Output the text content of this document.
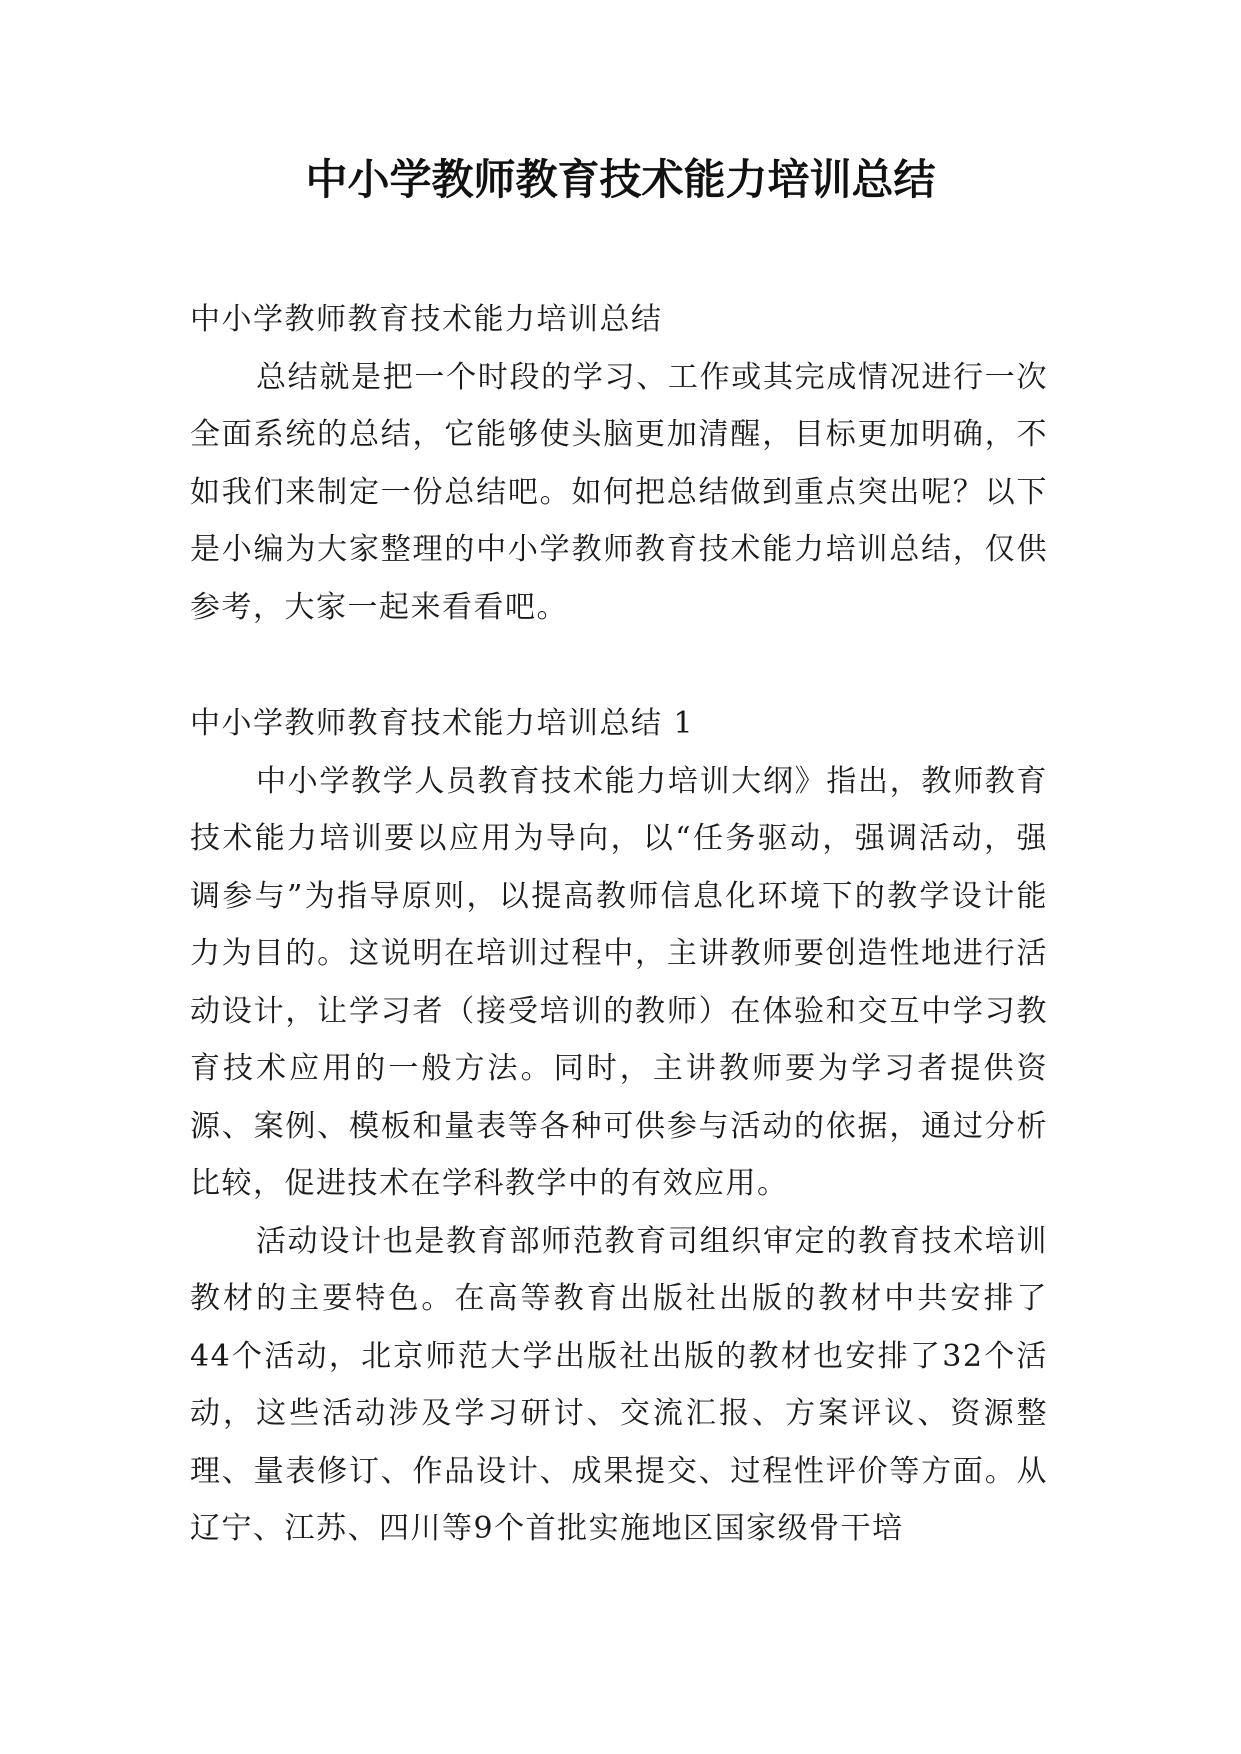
中小学教师教育技术能力培训总结

中小学教师教育技术能力培训总结

总结就是把一个时段的学习、工作或其完成情况进行一次全面系统的总结，它能够使头脑更加清醒，目标更加明确，不如我们来制定一份总结吧。如何把总结做到重点突出呢？以下是小编为大家整理的中小学教师教育技术能力培训总结，仅供参考，大家一起来看看吧。

中小学教师教育技术能力培训总结 1

中小学教学人员教育技术能力培训大纲》指出，教师教育技术能力培训要以应用为导向，以“任务驱动，强调活动，强调参与”为指导原则，以提高教师信息化环境下的教学设计能力为目的。这说明在培训过程中，主讲教师要创造性地进行活动设计，让学习者（接受培训的教师）在体验和交互中学习教育技术应用的一般方法。同时，主讲教师要为学习者提供资源、案例、模板和量表等各种可供参与活动的依据，通过分析比较，促进技术在学科教学中的有效应用。

活动设计也是教育部师范教育司组织审定的教育技术培训教材的主要特色。在高等教育出版社出版的教材中共安排了44个活动，北京师范大学出版社出版的教材也安排了32个活动，这些活动涉及学习研讨、交流汇报、方案评议、资源整理、量表修订、作品设计、成果提交、过程性评价等方面。从辽宁、江苏、四川等9个首批实施地区国家级骨干培
